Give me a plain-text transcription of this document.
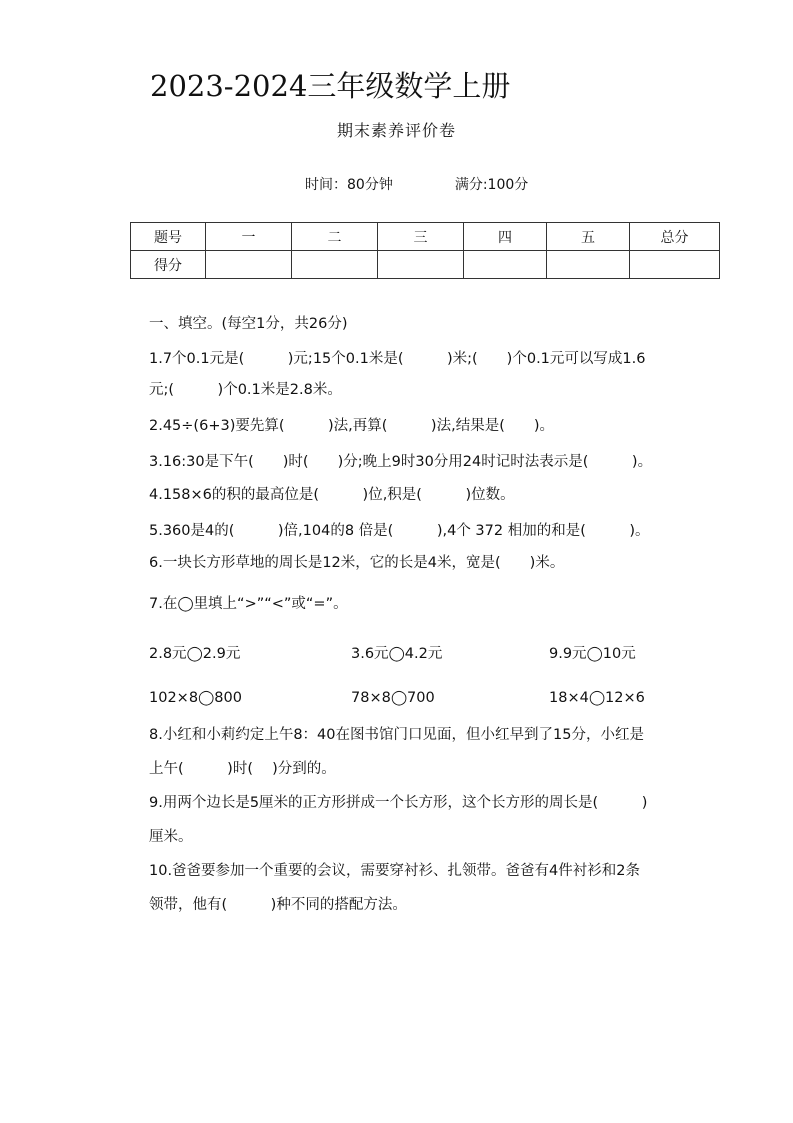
2023-2024三年级数学上册
期末素养评价卷
时间：80分钟	满分:100分
题号	一	二	三	四	五	总分
得分						
一、填空。(每空1分，共26分)
1.7个0.1元是(　　　)元;15个0.1米是(　　　)米;(　　)个0.1元可以写成1.6
元;(　　　)个0.1米是2.8米。
2.45÷(6+3)要先算(　　　)法,再算(　　　)法,结果是(　　)。
3.16:30是下午(　　)时(　　)分;晚上9时30分用24时记时法表示是(　　　)。
4.158×6的积的最高位是(　　　)位,积是(　　　)位数。
5.360是4的(　　　)倍,104的8 倍是(　　　),4个 372 相加的和是(　　　)。
6.一块长方形草地的周长是12米，它的长是4米，宽是(　　)米。
7.在◯里填上“>”“<”或“=”。
2.8元◯2.9元	3.6元◯4.2元	9.9元◯10元
102×8◯800	78×8◯700	18×4◯12×6
8.小红和小莉约定上午8：40在图书馆门口见面，但小红早到了15分，小红是
上午(　　　)时(　 )分到的。
9.用两个边长是5厘米的正方形拼成一个长方形，这个长方形的周长是(　　　)
厘米。
10.爸爸要参加一个重要的会议，需要穿衬衫、扎领带。爸爸有4件衬衫和2条
领带，他有(　　　)种不同的搭配方法。
